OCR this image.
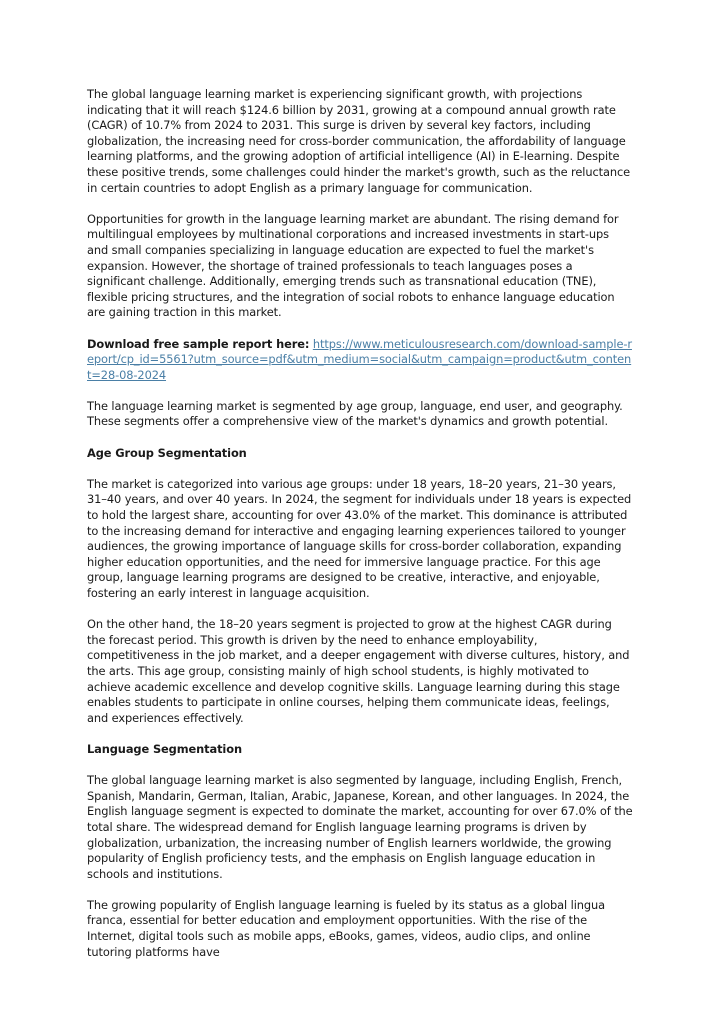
The global language learning market is experiencing significant growth, with projections indicating that it will reach $124.6 billion by 2031, growing at a compound annual growth rate (CAGR) of 10.7% from 2024 to 2031. This surge is driven by several key factors, including globalization, the increasing need for cross-border communication, the affordability of language learning platforms, and the growing adoption of artificial intelligence (AI) in E-learning. Despite these positive trends, some challenges could hinder the market's growth, such as the reluctance in certain countries to adopt English as a primary language for communication.

Opportunities for growth in the language learning market are abundant. The rising demand for multilingual employees by multinational corporations and increased investments in start-ups and small companies specializing in language education are expected to fuel the market's expansion. However, the shortage of trained professionals to teach languages poses a significant challenge. Additionally, emerging trends such as transnational education (TNE), flexible pricing structures, and the integration of social robots to enhance language education are gaining traction in this market.

Download free sample report here: https://www.meticulousresearch.com/download-sample-report/cp_id=5561?utm_source=pdf&utm_medium=social&utm_campaign=product&utm_content=28-08-2024

The language learning market is segmented by age group, language, end user, and geography. These segments offer a comprehensive view of the market's dynamics and growth potential.

Age Group Segmentation

The market is categorized into various age groups: under 18 years, 18–20 years, 21–30 years, 31–40 years, and over 40 years. In 2024, the segment for individuals under 18 years is expected to hold the largest share, accounting for over 43.0% of the market. This dominance is attributed to the increasing demand for interactive and engaging learning experiences tailored to younger audiences, the growing importance of language skills for cross-border collaboration, expanding higher education opportunities, and the need for immersive language practice. For this age group, language learning programs are designed to be creative, interactive, and enjoyable, fostering an early interest in language acquisition.

On the other hand, the 18–20 years segment is projected to grow at the highest CAGR during the forecast period. This growth is driven by the need to enhance employability, competitiveness in the job market, and a deeper engagement with diverse cultures, history, and the arts. This age group, consisting mainly of high school students, is highly motivated to achieve academic excellence and develop cognitive skills. Language learning during this stage enables students to participate in online courses, helping them communicate ideas, feelings, and experiences effectively.

Language Segmentation

The global language learning market is also segmented by language, including English, French, Spanish, Mandarin, German, Italian, Arabic, Japanese, Korean, and other languages. In 2024, the English language segment is expected to dominate the market, accounting for over 67.0% of the total share. The widespread demand for English language learning programs is driven by globalization, urbanization, the increasing number of English learners worldwide, the growing popularity of English proficiency tests, and the emphasis on English language education in schools and institutions.

The growing popularity of English language learning is fueled by its status as a global lingua franca, essential for better education and employment opportunities. With the rise of the Internet, digital tools such as mobile apps, eBooks, games, videos, audio clips, and online tutoring platforms have
